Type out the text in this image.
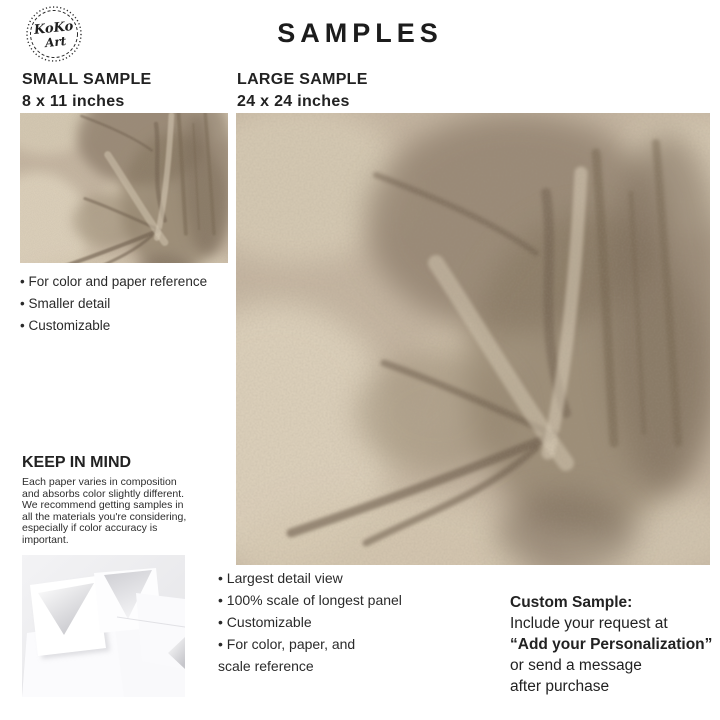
KoKo
Art	SAMPLES
SMALL SAMPLE
8 x 11 inches
• For color and paper reference
• Smaller detail
• Customizable
LARGE SAMPLE
24 x 24 inches
• Largest detail view
• 100% scale of longest panel
• Customizable
• For color, paper, and
scale reference
KEEP IN MIND
Each paper varies in composition
and absorbs color slightly different.
We recommend getting samples in
all the materials you're considering,
especially if color accuracy is
important.
Custom Sample:
Include your request at
“Add your Personalization”
or send a message
after purchase
